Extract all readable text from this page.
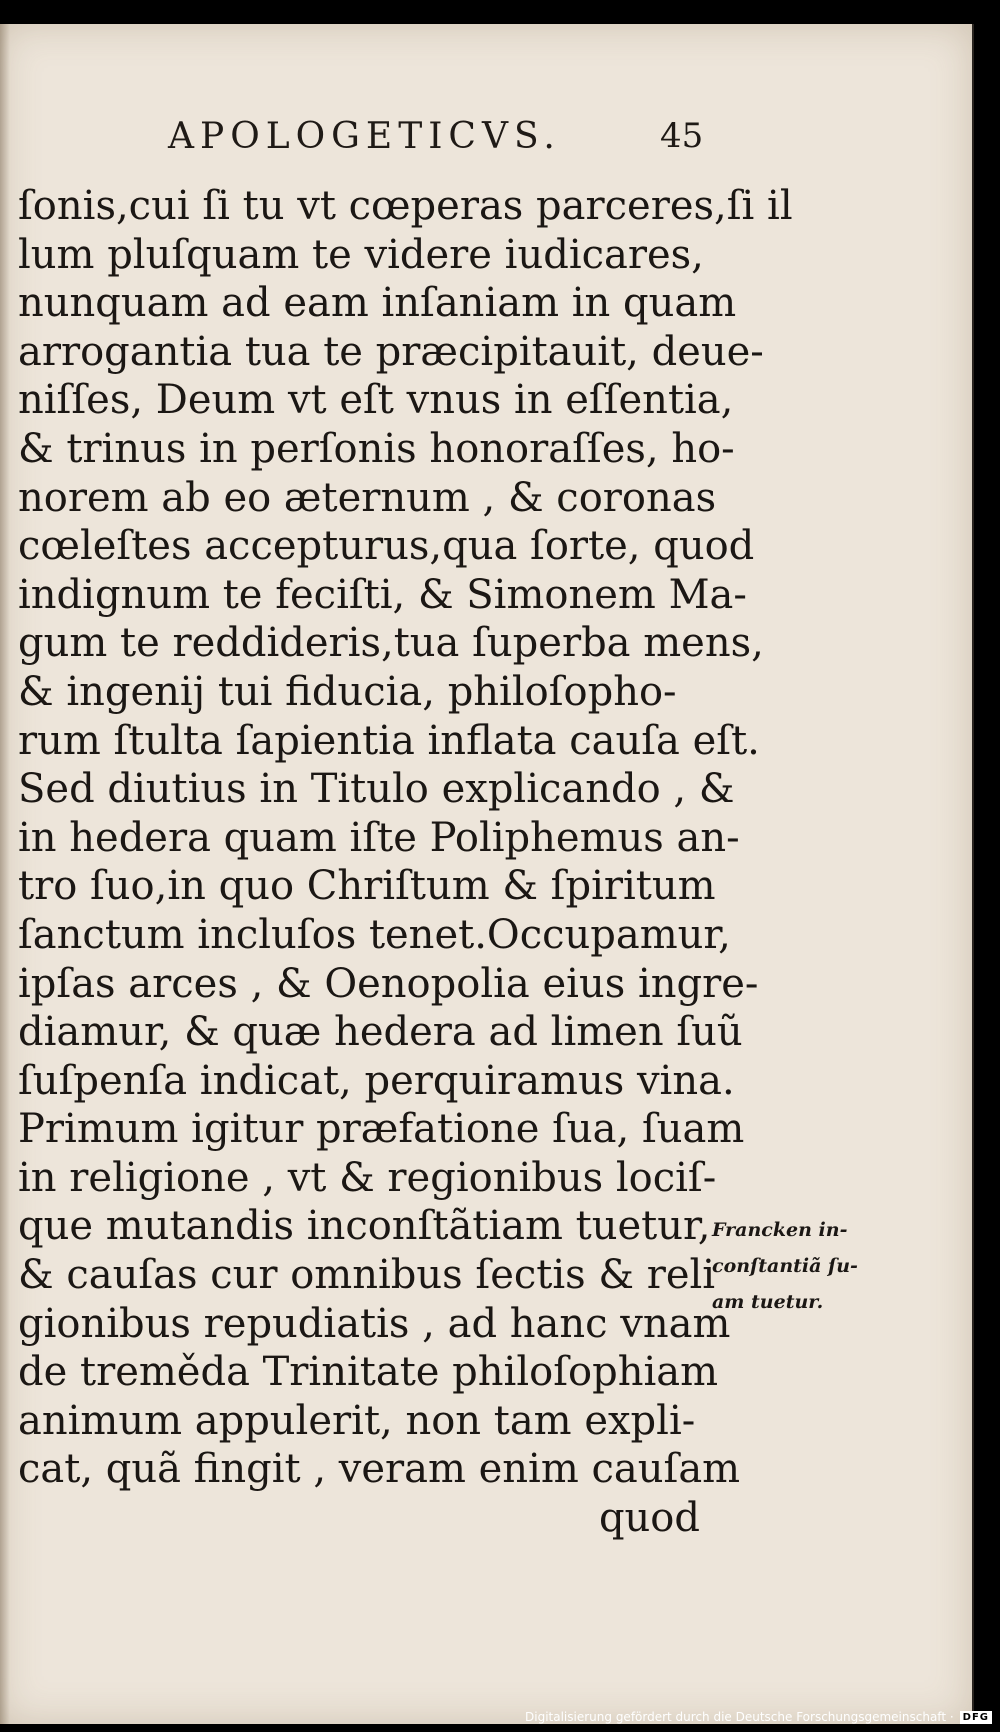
APOLOGETICVS.	45
ſonis,cui ſi tu vt cœperas parceres,ſi il
lum pluſquam te videre iudicares,
nunquam ad eam inſaniam in quam
arrogantia tua te præcipitauit, deue-
niſſes, Deum vt eſt vnus in eſſentia,
& trinus in perſonis honoraſſes, ho-
norem ab eo æternum , & coronas
cœleſtes accepturus,qua ſorte, quod
indignum te feciſti, & Simonem Ma-
gum te reddideris,tua ſuperba mens,
& ingenij tui fiducia, philoſopho-
rum ſtulta ſapientia inflata cauſa eſt.
Sed diutius in Titulo explicando , &
in hedera quam iſte Poliphemus an-
tro ſuo,in quo Chriſtum & ſpiritum
ſanctum incluſos tenet.Occupamur,
ipſas arces , & Oenopolia eius ingre-
diamur, & quæ hedera ad limen ſuũ
ſuſpenſa indicat, perquiramus vina.
Primum igitur præfatione ſua, ſuam
in religione , vt & regionibus lociſ-
que mutandis inconſtãtiam tuetur,
& cauſas cur omnibus ſectis & reli
gionibus repudiatis , ad hanc vnam
de treměda Trinitate philoſophiam
animum appulerit, non tam expli-
cat, quã fingit , veram enim cauſam
quod
Francken in-
conſtantiã ſu-
am tuetur.
Digitalisierung gefördert durch die Deutsche Forschungsgemeinschaft · DFG
